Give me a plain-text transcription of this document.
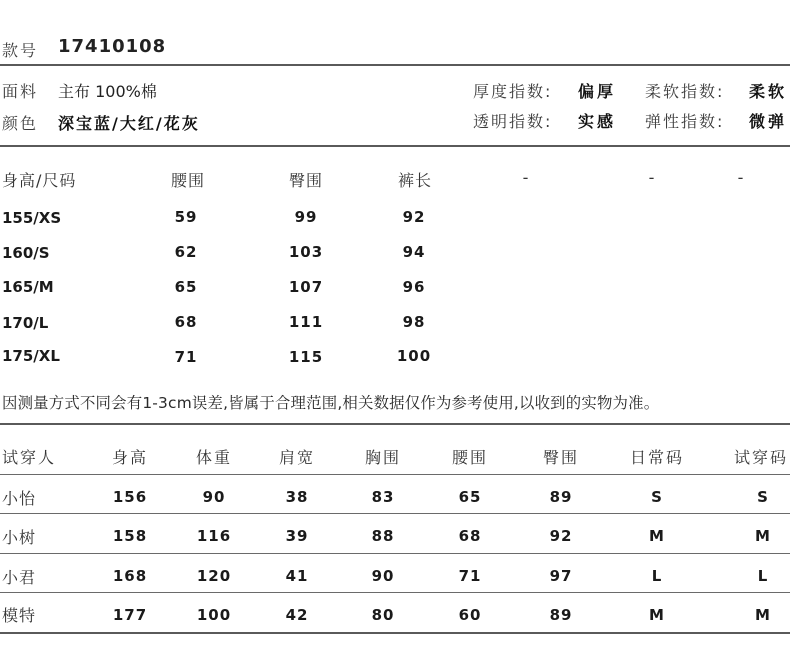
款号 17410108
面料 主布 100%棉	厚度指数: 偏厚 柔软指数: 柔软
颜色 深宝蓝/大红/花灰	透明指数: 实感 弹性指数: 微弹
身高/尺码	腰围	臀围	裤长	-	-	-
155/XS	59	99	92
160/S	62	103	94
165/M	65	107	96
170/L	68	111	98
175/XL	71	115	100
因测量方式不同会有1-3cm误差,皆属于合理范围,相关数据仅作为参考使用,以收到的实物为准。
试穿人	身高	体重	肩宽	胸围	腰围	臀围	日常码	试穿码
小怡	156	90	38	83	65	89	S	S
小树	158	116	39	88	68	92	M	M
小君	168	120	41	90	71	97	L	L
模特	177	100	42	80	60	89	M	M
